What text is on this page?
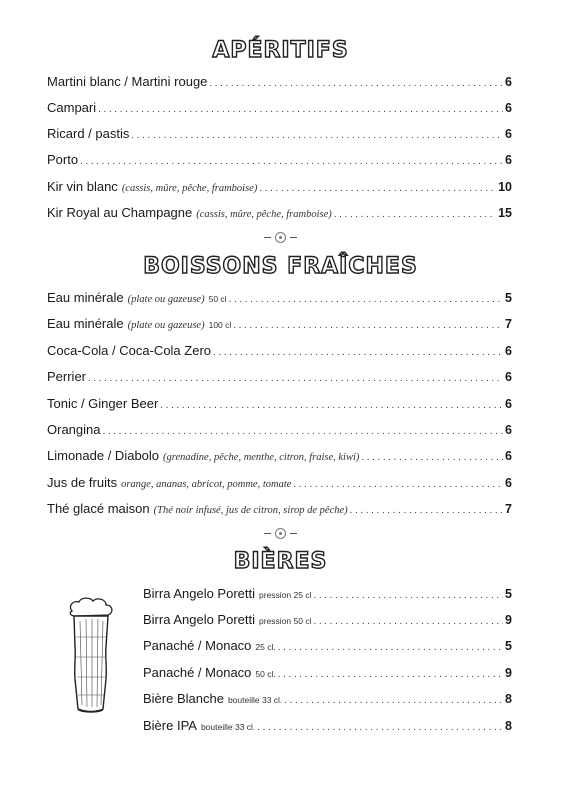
APÉRITIFS
Martini blanc / Martini rouge .....	6
Campari .....	6
Ricard / pastis .....	6
Porto .....	6
Kir vin blanc (cassis, mûre, pêche, framboise) .....	10
Kir Royal au Champagne (cassis, mûre, pêche, framboise) .....	15
BOISSONS FRAÎCHES
Eau minérale (plate ou gazeuse) 50 cl .....	5
Eau minérale (plate ou gazeuse) 100 cl .....	7
Coca-Cola / Coca-Cola Zero .....	6
Perrier .....	6
Tonic / Ginger Beer .....	6
Orangina .....	6
Limonade / Diabolo (grenadine, pêche, menthe, citron, fraise, kiwi) .....	6
Jus de fruits orange, ananas, abricot, pomme, tomate .....	6
Thé glacé maison (Thé noir infusé, jus de citron, sirop de pêche) .....	7
BIÈRES
Birra Angelo Poretti pression 25 cl .....	5
Birra Angelo Poretti pression 50 cl .....	9
Panaché / Monaco 25 cl. .....	5
Panaché / Monaco 50 cl. .....	9
Bière Blanche bouteille 33 cl. .....	8
Bière IPA bouteille 33 cl. .....	8
